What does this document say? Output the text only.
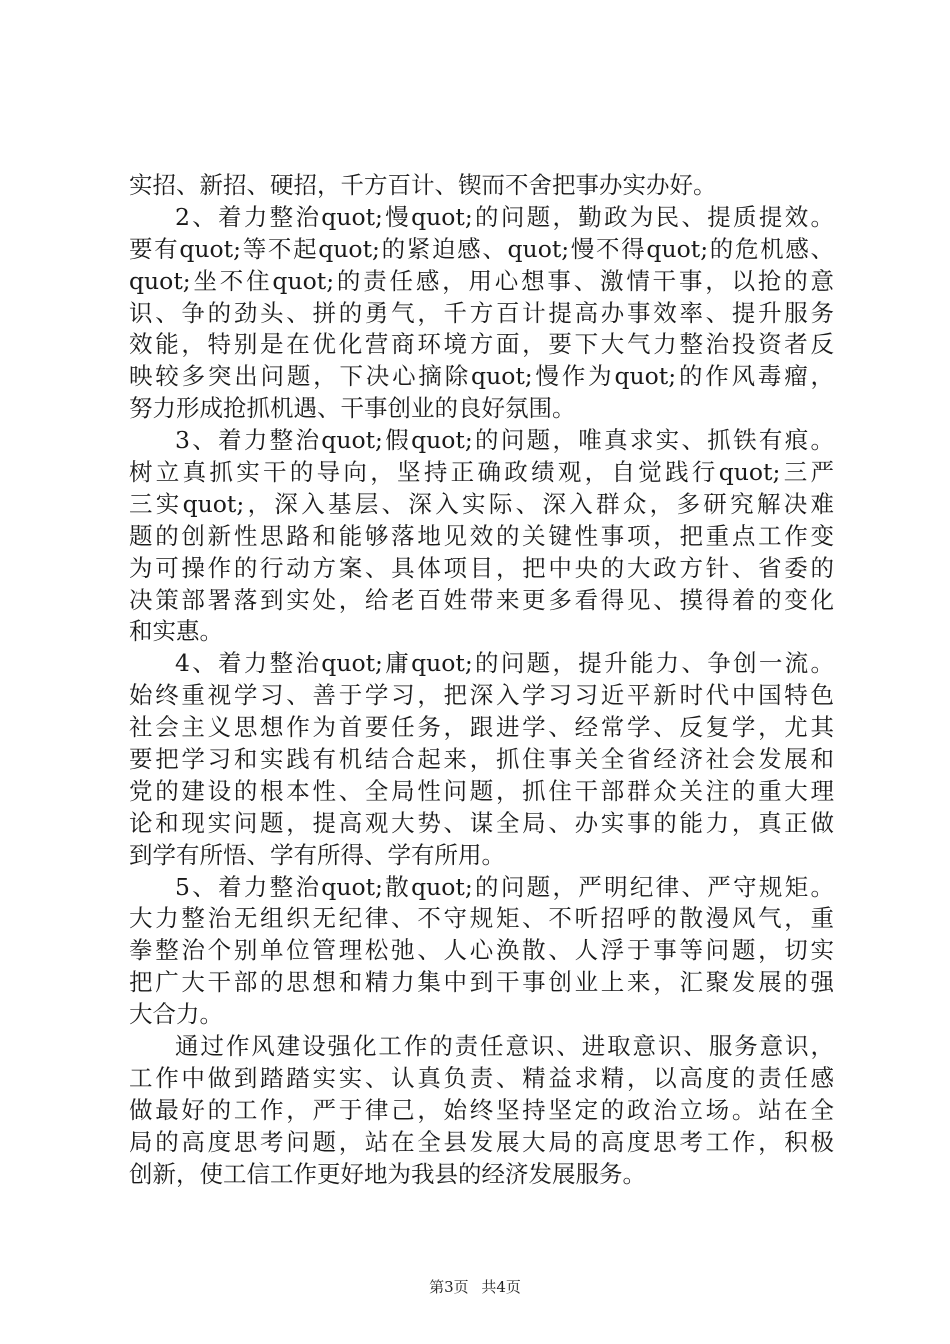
实招、新招、硬招，千方百计、锲而不舍把事办实办好。
2、着力整治quot;慢quot;的问题，勤政为民、提质提效。
要有quot;等不起quot;的紧迫感、quot;慢不得quot;的危机感、
quot;坐不住quot;的责任感，用心想事、激情干事，以抢的意
识、争的劲头、拼的勇气，千方百计提高办事效率、提升服务
效能，特别是在优化营商环境方面，要下大气力整治投资者反
映较多突出问题，下决心摘除quot;慢作为quot;的作风毒瘤，
努力形成抢抓机遇、干事创业的良好氛围。
3、着力整治quot;假quot;的问题，唯真求实、抓铁有痕。
树立真抓实干的导向，坚持正确政绩观，自觉践行quot;三严
三实quot;，深入基层、深入实际、深入群众，多研究解决难
题的创新性思路和能够落地见效的关键性事项，把重点工作变
为可操作的行动方案、具体项目，把中央的大政方针、省委的
决策部署落到实处，给老百姓带来更多看得见、摸得着的变化
和实惠。
4、着力整治quot;庸quot;的问题，提升能力、争创一流。
始终重视学习、善于学习，把深入学习习近平新时代中国特色
社会主义思想作为首要任务，跟进学、经常学、反复学，尤其
要把学习和实践有机结合起来，抓住事关全省经济社会发展和
党的建设的根本性、全局性问题，抓住干部群众关注的重大理
论和现实问题，提高观大势、谋全局、办实事的能力，真正做
到学有所悟、学有所得、学有所用。
5、着力整治quot;散quot;的问题，严明纪律、严守规矩。
大力整治无组织无纪律、不守规矩、不听招呼的散漫风气，重
拳整治个别单位管理松弛、人心涣散、人浮于事等问题，切实
把广大干部的思想和精力集中到干事创业上来，汇聚发展的强
大合力。
通过作风建设强化工作的责任意识、进取意识、服务意识，
工作中做到踏踏实实、认真负责、精益求精，以高度的责任感
做最好的工作，严于律己，始终坚持坚定的政治立场。站在全
局的高度思考问题，站在全县发展大局的高度思考工作，积极
创新，使工信工作更好地为我县的经济发展服务。
第3页 共4页
